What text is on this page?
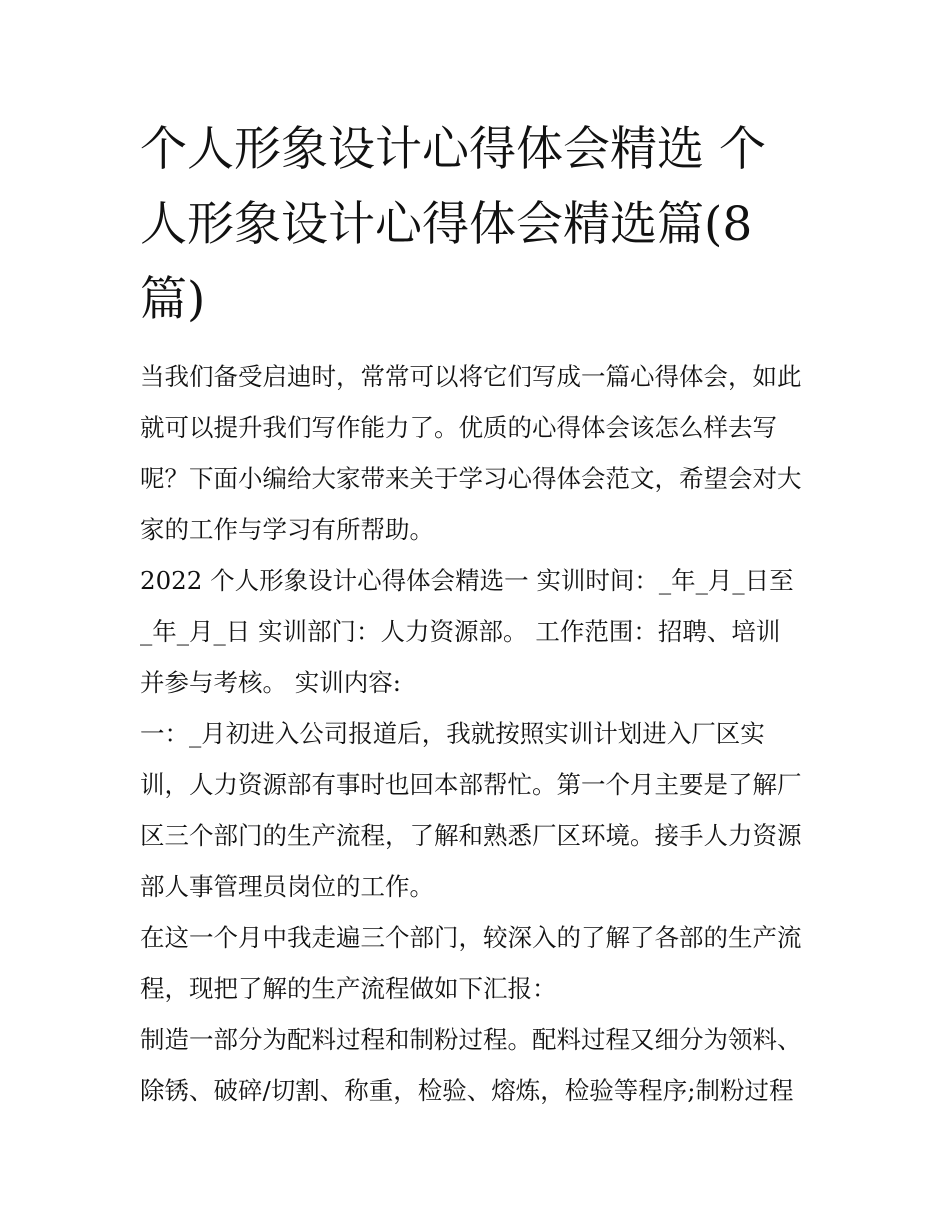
个人形象设计心得体会精选 个
人形象设计心得体会精选篇(8
篇)

当我们备受启迪时，常常可以将它们写成一篇心得体会，如此
就可以提升我们写作能力了。优质的心得体会该怎么样去写
呢？下面小编给大家带来关于学习心得体会范文，希望会对大
家的工作与学习有所帮助。

2022 个人形象设计心得体会精选一 实训时间：_年_月_日至
_年_月_日 实训部门：人力资源部。 工作范围：招聘、培训
并参与考核。 实训内容:

一：_月初进入公司报道后，我就按照实训计划进入厂区实
训，人力资源部有事时也回本部帮忙。第一个月主要是了解厂
区三个部门的生产流程，了解和熟悉厂区环境。接手人力资源
部人事管理员岗位的工作。

在这一个月中我走遍三个部门，较深入的了解了各部的生产流
程，现把了解的生产流程做如下汇报：

制造一部分为配料过程和制粉过程。配料过程又细分为领料、
除锈、破碎/切割、称重，检验、熔炼，检验等程序;制粉过程
